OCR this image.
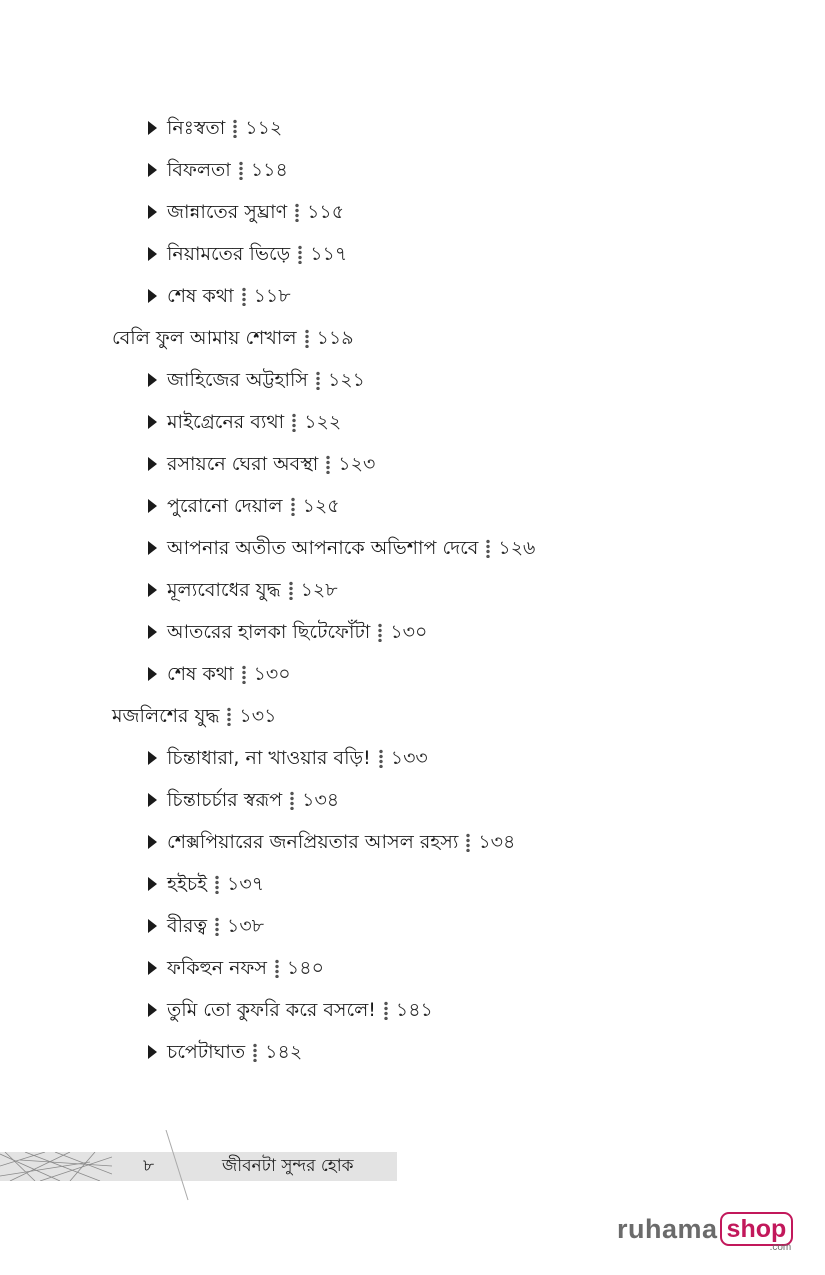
নিঃস্বতা ১১২
বিফলতা ১১৪
জান্নাতের সুঘ্রাণ ১১৫
নিয়ামতের ভিড়ে ১১৭
শেষ কথা ১১৮
বেলি ফুল আমায় শেখাল ১১৯
জাহিজের অট্টহাসি ১২১
মাইগ্রেনের ব্যথা ১২২
রসায়নে ঘেরা অবস্থা ১২৩
পুরোনো দেয়াল ১২৫
আপনার অতীত আপনাকে অভিশাপ দেবে ১২৬
মূল্যবোধের যুদ্ধ ১২৮
আতরের হালকা ছিটেফোঁটা ১৩০
শেষ কথা ১৩০
মজলিশের যুদ্ধ ১৩১
চিন্তাধারা, না খাওয়ার বড়ি! ১৩৩
চিন্তাচর্চার স্বরূপ ১৩৪
শেক্সপিয়ারের জনপ্রিয়তার আসল রহস্য ১৩৪
হইচই ১৩৭
বীরত্ব ১৩৮
ফকিহুন নফস ১৪০
তুমি তো কুফরি করে বসলে! ১৪১
চপেটাঘাত ১৪২
৮	জীবনটা সুন্দর হোক
ruhama shop
.com
